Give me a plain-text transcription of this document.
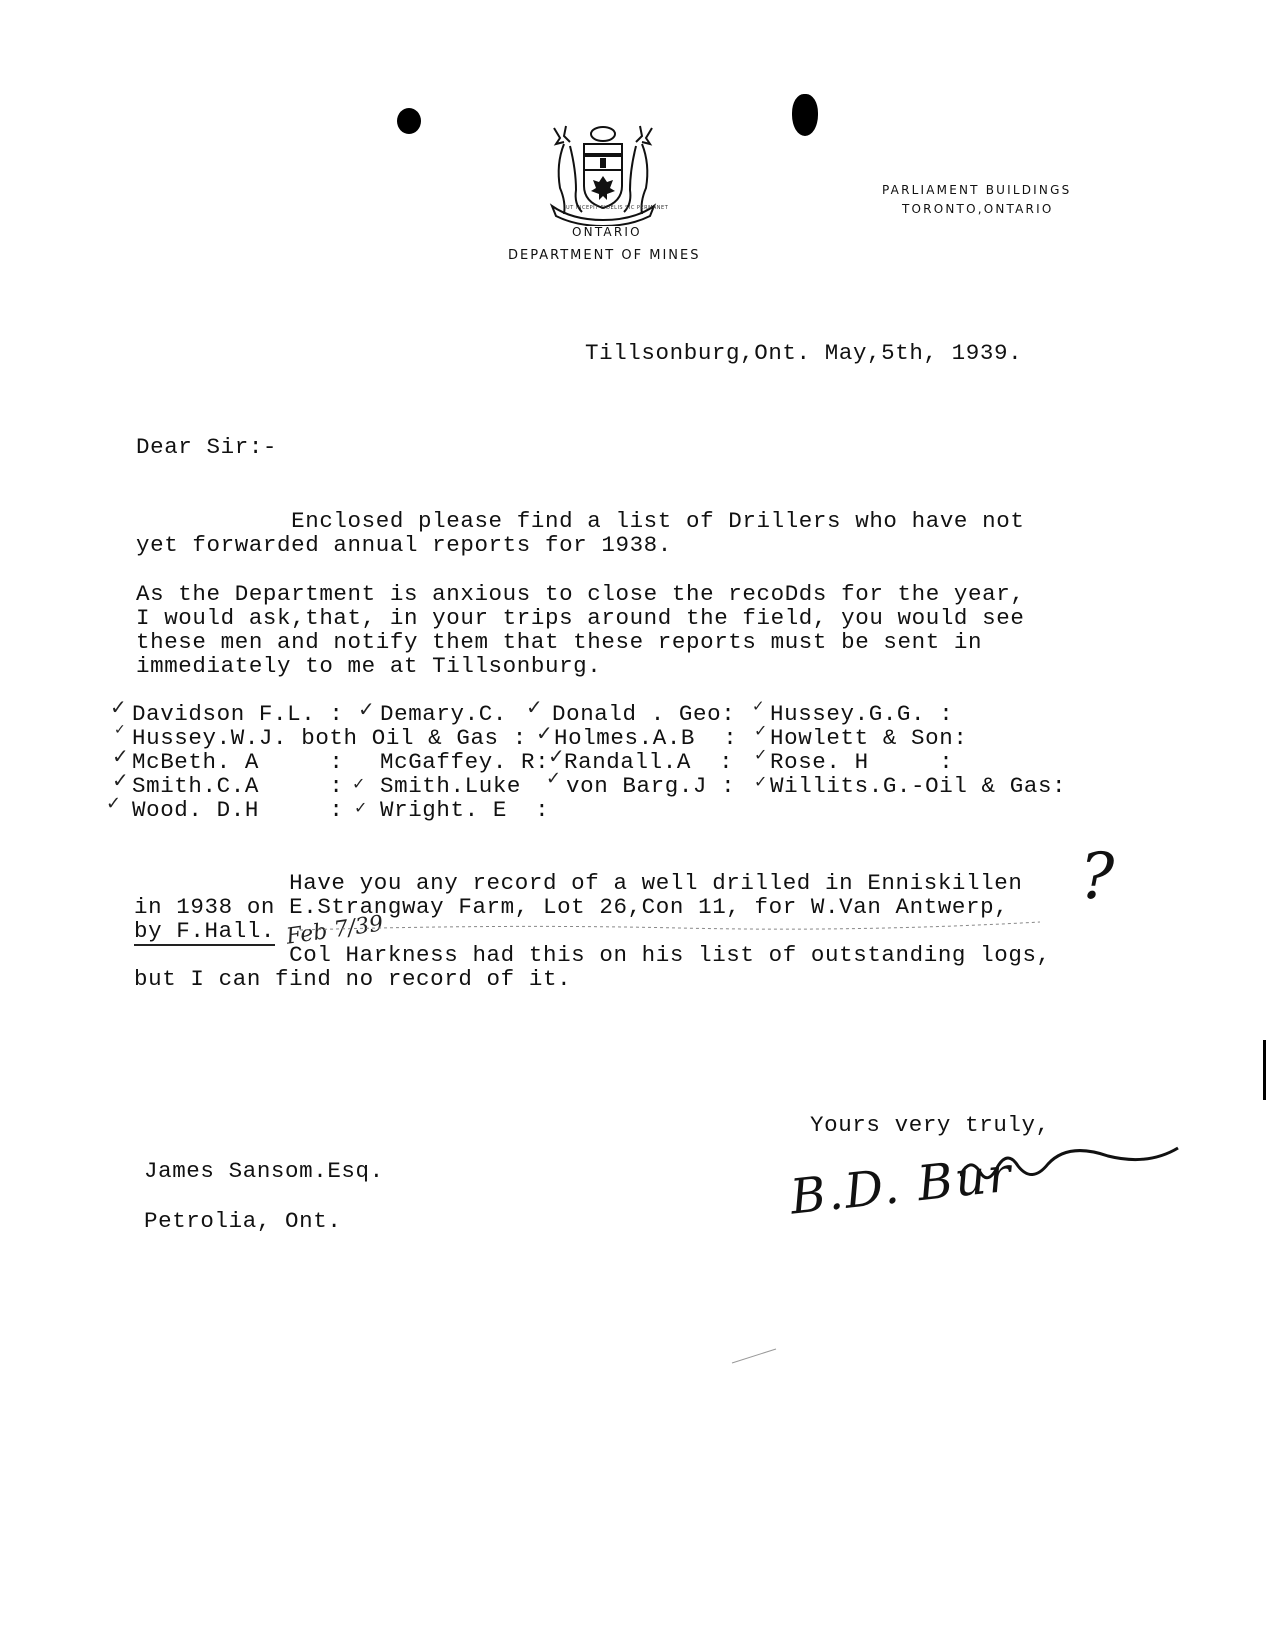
UT INCEPIT FIDELIS SIC PERMANET
ONTARIO
DEPARTMENT OF MINES
PARLIAMENT BUILDINGS
TORONTO,ONTARIO
Tillsonburg,Ont. May,5th, 1939.
Dear Sir:-
Enclosed please find a list of Drillers who have not
yet forwarded annual reports for 1938.
As the Department is anxious to close the recoDds for the year,
I would ask,that, in your trips around the field, you would see
these men and notify them that these reports must be sent in
immediately to me at Tillsonburg.
✓ Davidson F.L. : ✓ Demary.C. ✓ Donald . Geo: ✓ Hussey.G.G. :
✓ Hussey.W.J. both Oil & Gas : ✓ Holmes.A.B  : ✓ Howlett & Son:
✓ McBeth. A     : McGaffey. R:
✓ Randall.A  : ✓ Rose. H     :
✓ Smith.C.A     : ✓ Smith.Luke ✓ von Barg.J : ✓ Willits.G.-Oil & Gas:
✓ Wood. D.H     : ✓ Wright. E  :
Have you any record of a well drilled in Enniskillen
in 1938 on E.Strangway Farm, Lot 26,Con 11, for W.Van Antwerp,
by F.Hall. Feb 7/39
Col Harkness had this on his list of outstanding logs,
but I can find no record of it.
?
Yours very truly,
B.D. Bur
James Sansom.Esq.
Petrolia, Ont.
